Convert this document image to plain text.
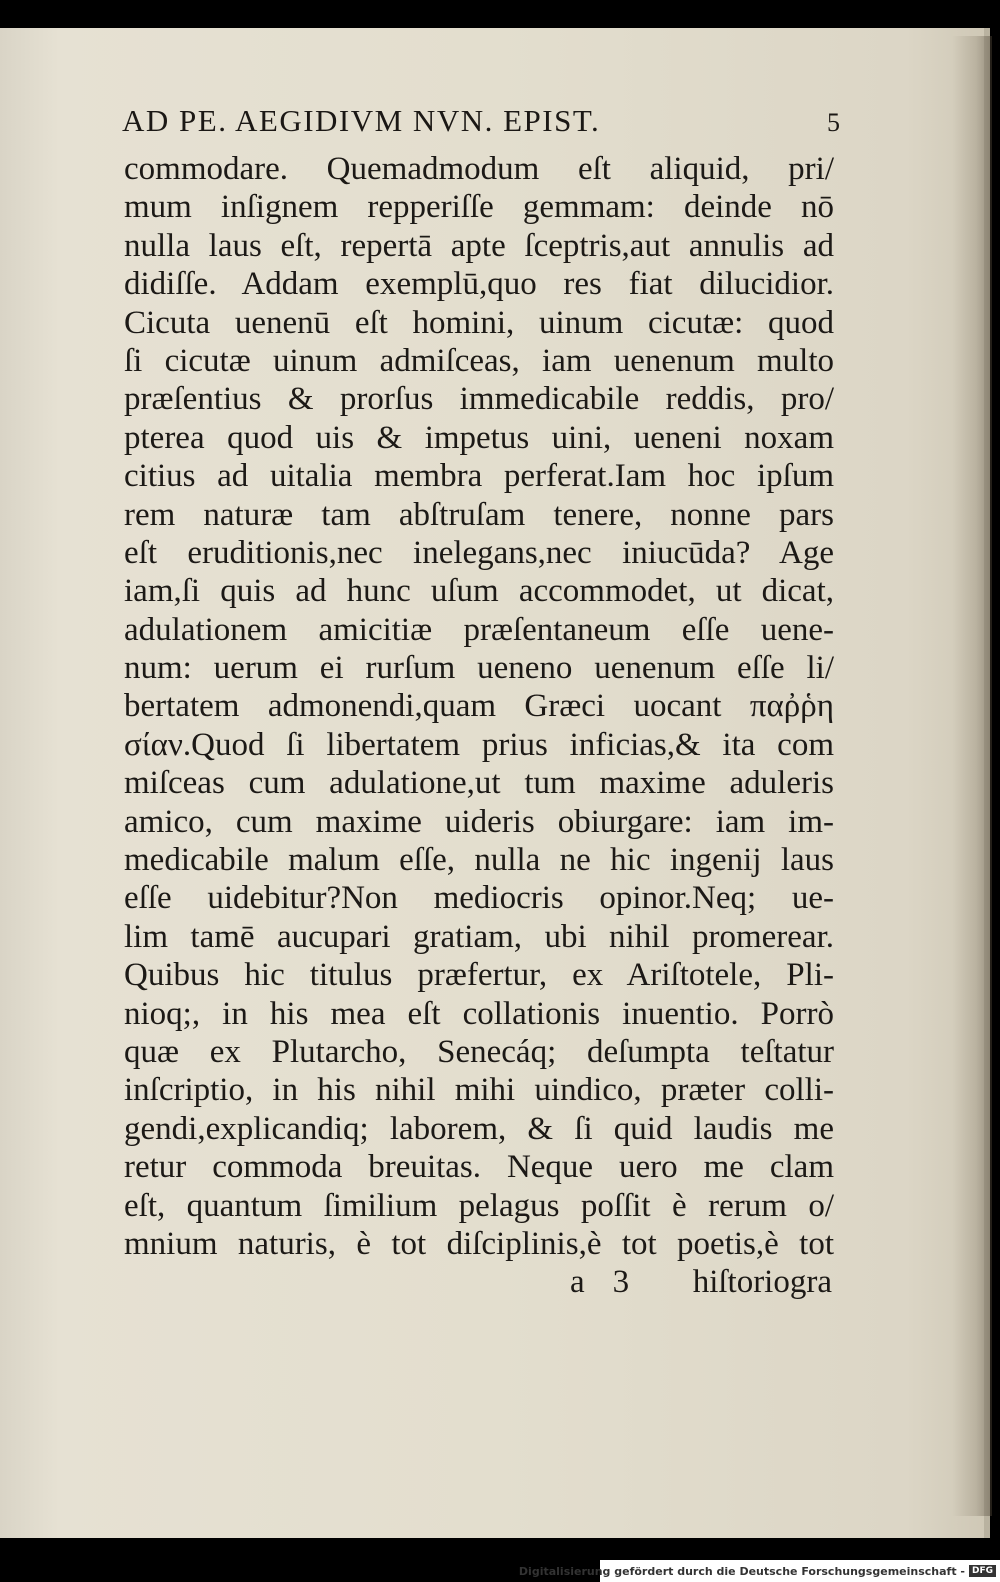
AD PE. AEGIDIVM NVN. EPIST.	5
commodare. Quemadmodum eſt aliquid, pri/
mum inſignem repperiſſe gemmam: deinde nō
nulla laus eſt, repertā apte ſceptris,aut annulis ad
didiſſe. Addam exemplū,quo res fiat dilucidior.
Cicuta uenenū eſt homini, uinum cicutæ: quod
ſi cicutæ uinum admiſceas, iam uenenum multo
præſentius & prorſus immedicabile reddis, pro/
pterea quod uis & impetus uini, ueneni noxam
citius ad uitalia membra perferat.Iam hoc ipſum
rem naturæ tam abſtruſam tenere, nonne pars
eſt eruditionis,nec inelegans,nec iniucūda? Age
iam,ſi quis ad hunc uſum accommodet, ut dicat,
adulationem amicitiæ præſentaneum eſſe uene-
num: uerum ei rurſum ueneno uenenum eſſe li/
bertatem admonendi,quam Græci uocant παῤῥη
σίαν.Quod ſi libertatem prius inficias,& ita com
miſceas cum adulatione,ut tum maxime aduleris
amico, cum maxime uideris obiurgare: iam im-
medicabile malum eſſe, nulla ne hic ingenij laus
eſſe uidebitur?Non mediocris opinor.Neq; ue-
lim tamē aucupari gratiam, ubi nihil promerear.
Quibus hic titulus præfertur, ex Ariſtotele, Pli-
nioq;, in his mea eſt collationis inuentio. Porrò
quæ ex Plutarcho, Senecáq; deſumpta teſtatur
inſcriptio, in his nihil mihi uindico, præter colli-
gendi,explicandiq; laborem, & ſi quid laudis me
retur commoda breuitas. Neque uero me clam
eſt, quantum ſimilium pelagus poſſit è rerum o/
mnium naturis, è tot diſciplinis,è tot poetis,è tot
a 3 hiſtoriogra
Digitalisierung gefördert durch die Deutsche Forschungsgemeinschaft - DFG
